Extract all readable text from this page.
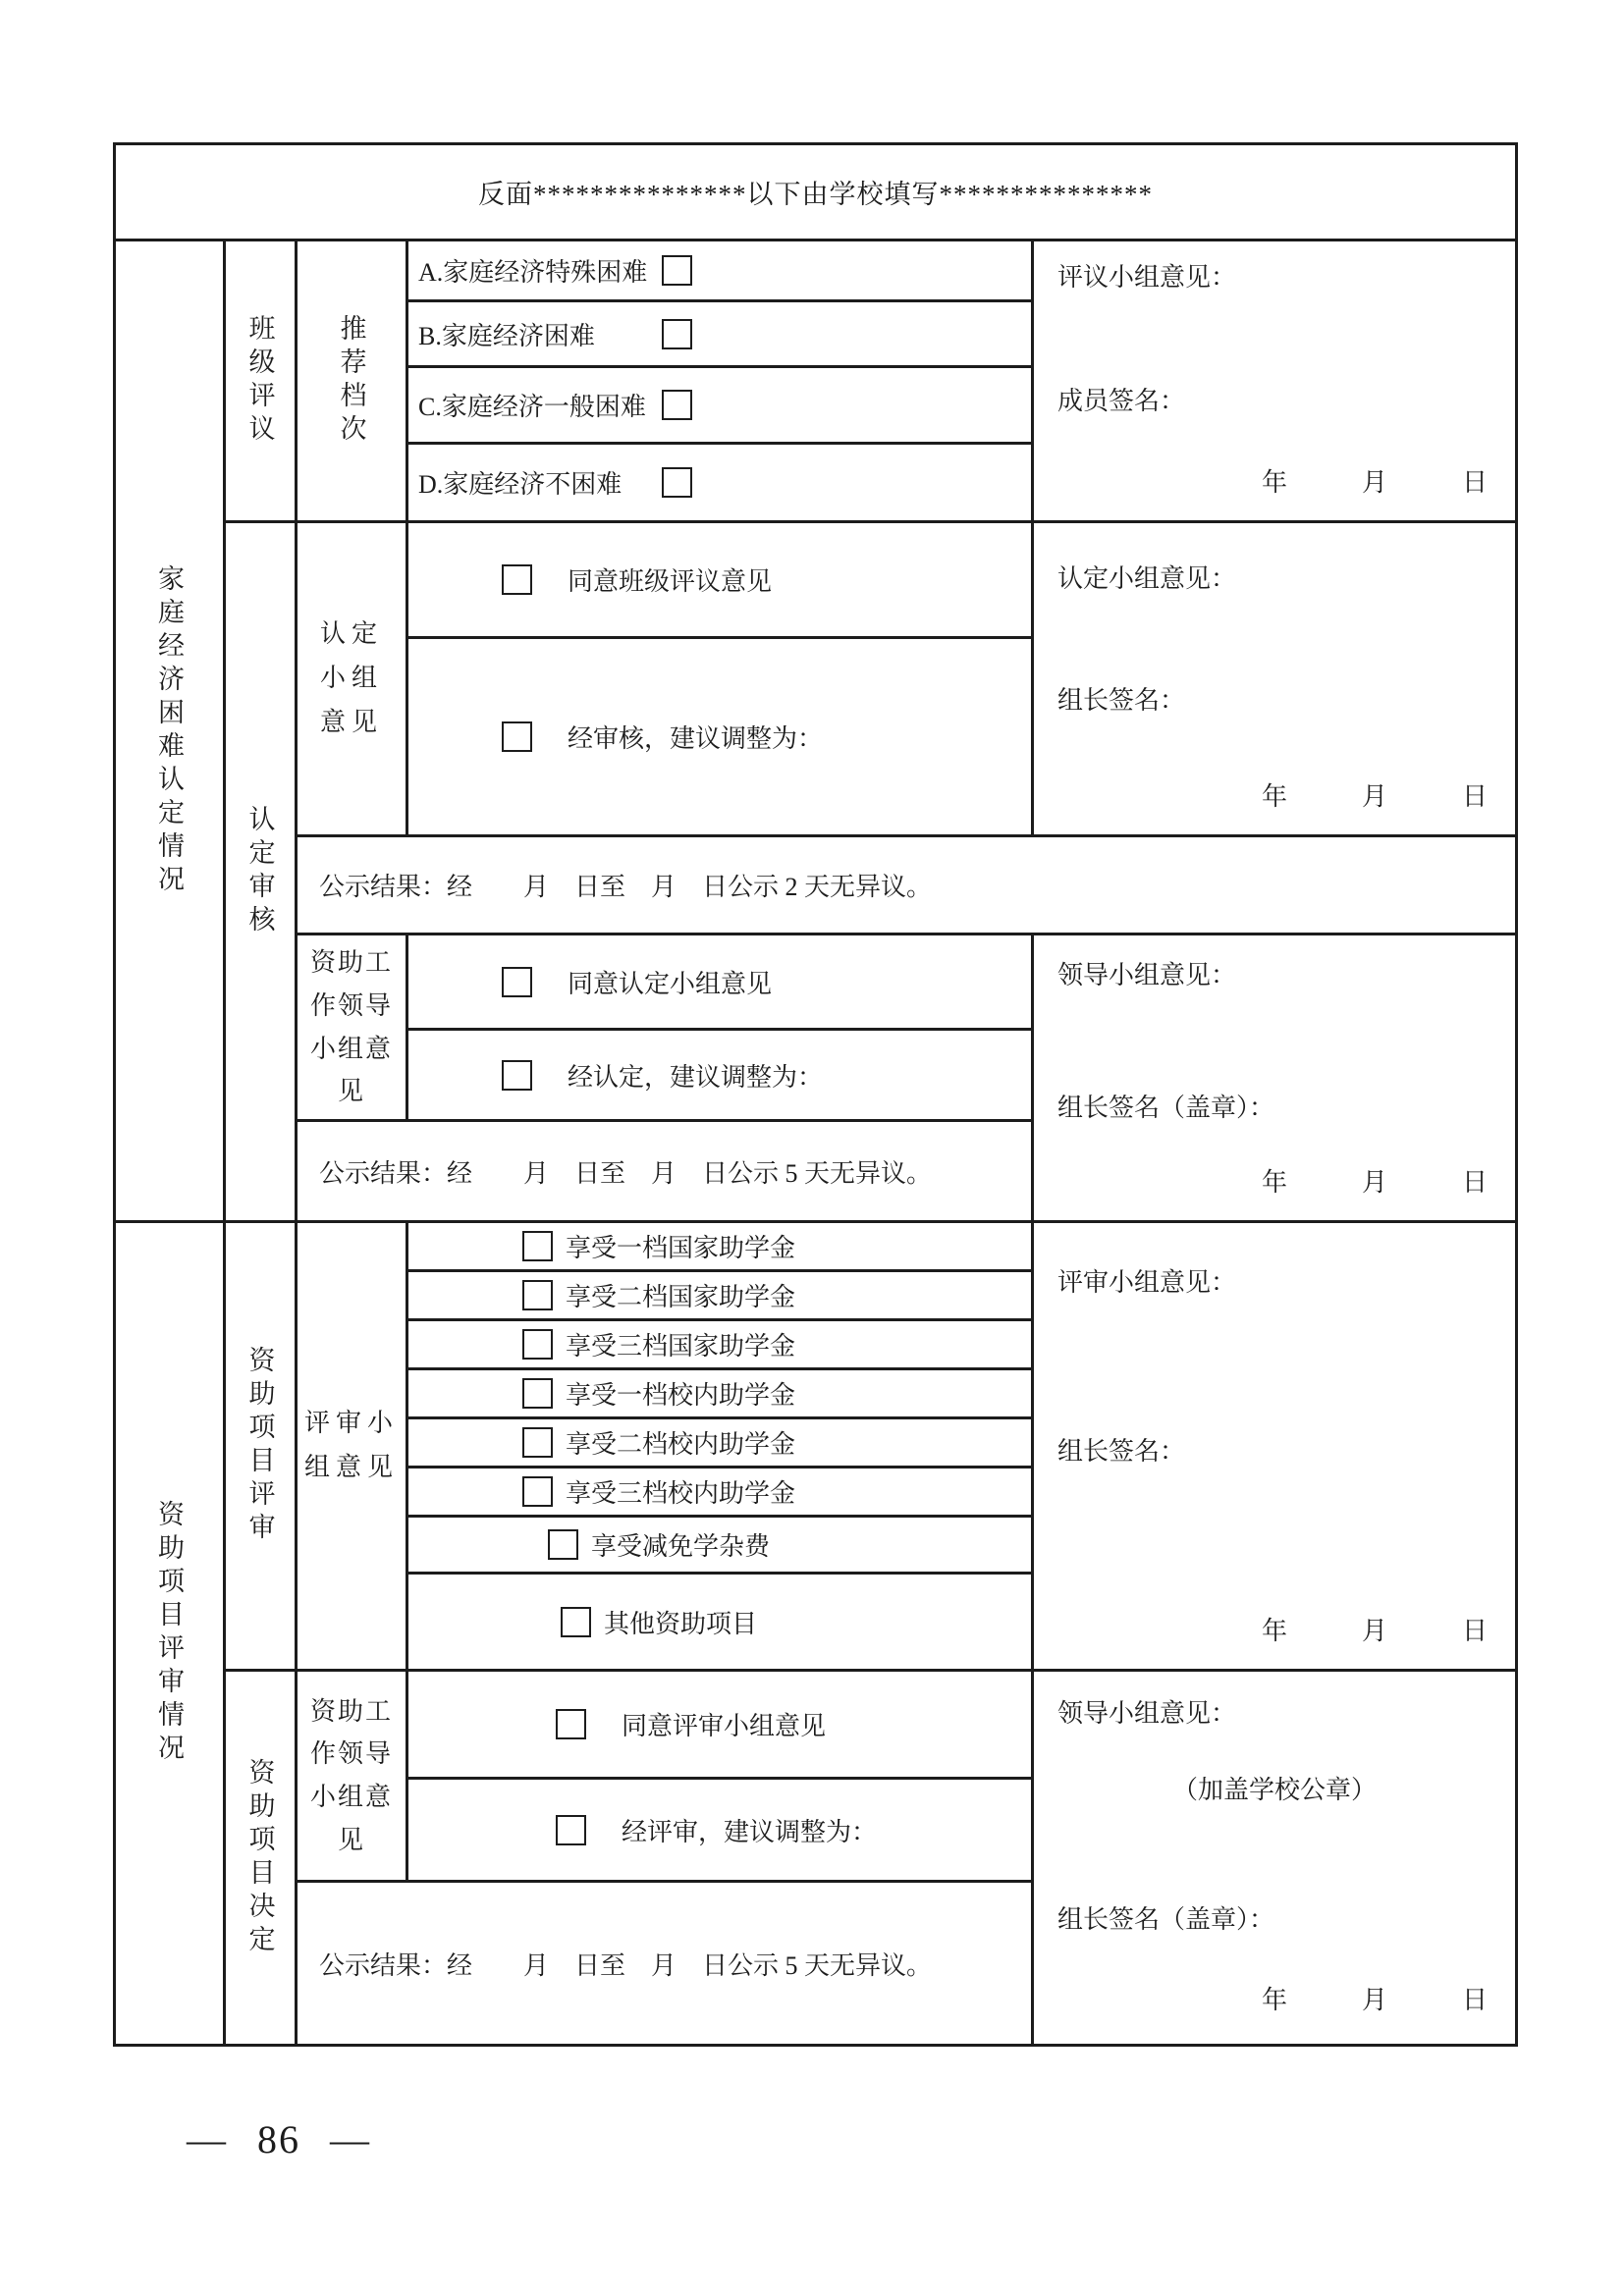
反面***************以下由学校填写***************
家庭经济困难认定情况
资助项目评审情况
班级评议
认定审核
资助项目评审
资助项目决定
推荐档次
A.家庭经济特殊困难
B.家庭经济困难
C.家庭经济一般困难
D.家庭经济不困难
评议小组意见：
成员签名：
年　　月　　日
认定
小组
意见
同意班级评议意见
经审核，建议调整为：
认定小组意见：
组长签名：
年　　月　　日
公示结果：经　　月　日至　月　日公示 2 天无异议。
资助工
作领导
小组意
见
同意认定小组意见
经认定，建议调整为：
领导小组意见：
组长签名（盖章）：
年　　月　　日
公示结果：经　　月　日至　月　日公示 5 天无异议。
评审小
组意见
享受一档国家助学金
享受二档国家助学金
享受三档国家助学金
享受一档校内助学金
享受二档校内助学金
享受三档校内助学金
享受减免学杂费
其他资助项目
评审小组意见：
组长签名：
年　　月　　日
资助工
作领导
小组意
见
同意评审小组意见
经评审，建议调整为：
领导小组意见：
（加盖学校公章）
组长签名（盖章）：
年　　月　　日
公示结果：经　　月　日至　月　日公示 5 天无异议。
— 86 —
